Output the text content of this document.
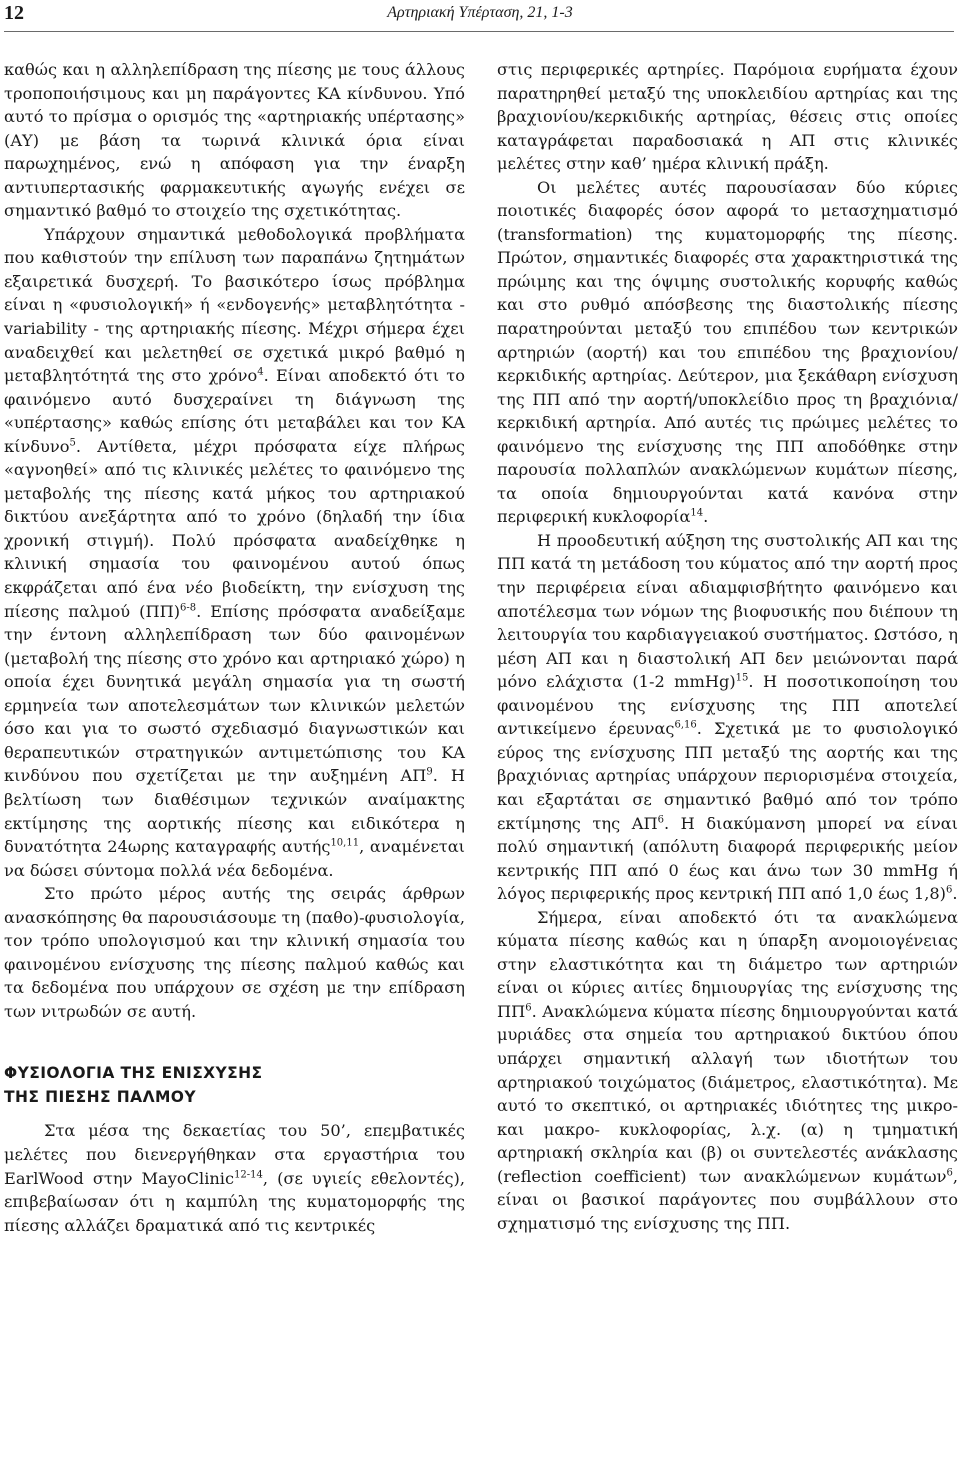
12	Αρτηριακή Υπέρταση, 21, 1-3

καθώς και η αλληλεπίδραση της πίεσης με τους άλλους τροποποιήσιμους και μη παράγοντες ΚΑ κίνδυνου. Υπό αυτό το πρίσμα ο ορισμός της «αρτηριακής υπέρτασης» (ΑΥ) με βάση τα τωρινά κλινικά όρια είναι παρωχημένος, ενώ η απόφαση για την έναρξη αντιυπερτασικής φαρμακευτικής αγωγής ενέχει σε σημαντικό βαθμό το στοιχείο της σχετικότητας.

Υπάρχουν σημαντικά μεθοδολογικά προβλήματα που καθιστούν την επίλυση των παραπάνω ζητημάτων εξαιρετικά δυσχερή. Το βασικότερο ίσως πρόβλημα είναι η «φυσιολογική» ή «ενδογενής» μεταβλητότητα - variability - της αρτηριακής πίεσης. Μέχρι σήμερα έχει αναδειχθεί και μελετηθεί σε σχετικά μικρό βαθμό η μεταβλητότητά της στο χρόνο$^4$. Είναι αποδεκτό ότι το φαινόμενο αυτό δυσχεραίνει τη διάγνωση της «υπέρτασης» καθώς επίσης ότι μεταβάλει και τον ΚΑ κίνδυνο$^5$. Αντίθετα, μέχρι πρόσφατα είχε πλήρως «αγνοηθεί» από τις κλινικές μελέτες το φαινόμενο της μεταβολής της πίεσης κατά μήκος του αρτηριακού δικτύου ανεξάρτητα από το χρόνο (δηλαδή την ίδια χρονική στιγμή). Πολύ πρόσφατα αναδείχθηκε η κλινική σημασία του φαινομένου αυτού όπως εκφράζεται από ένα νέο βιοδείκτη, την ενίσχυση της πίεσης παλμού $(\Pi\Pi)^{6-8}$. Επίσης πρόσφατα αναδείξαμε την έντονη αλληλεπίδραση των δύο φαινομένων (μεταβολή της πίεσης στο χρόνο και αρτηριακό χώρο) η οποία έχει δυνητικά μεγάλη σημασία για τη σωστή ερμηνεία των αποτελεσμάτων των κλινικών μελετών όσο και για το σωστό σχεδιασμό διαγνωστικών και θεραπευτικών στρατηγικών αντιμετώπισης του ΚΑ κινδύνου που σχετίζεται με την αυξημένη $A\Pi^9$. Η βελτίωση των διαθέσιμων τεχνικών αναίμακτης εκτίμησης της αορτικής πίεσης και ειδικότερα η δυνατότητα 24ωρης καταγραφής αυτής$^{10,11}$, αναμένεται να δώσει σύντομα πολλά νέα δεδομένα.

Στο πρώτο μέρος αυτής της σειράς άρθρων ανασκόπησης θα παρουσιάσουμε τη (παθο)-φυσιολογία, τον τρόπο υπολογισμού και την κλινική σημασία του φαινομένου ενίσχυσης της πίεσης παλμού καθώς και τα δεδομένα που υπάρχουν σε σχέση με την επίδραση των νιτρωδών σε αυτή.

ΦΥΣΙΟΛΟΓΙΑ ΤΗΣ ΕΝΙΣΧΥΣΗΣ
ΤΗΣ ΠΙΕΣΗΣ ΠΑΛΜΟΥ

Στα μέσα της δεκαετίας του 50’, επεμβατικές μελέτες που διενεργήθηκαν στα εργαστήρια του EarlWood στην MayoClinic$^{12-14}$, (σε υγιείς εθελοντές), επιβεβαίωσαν ότι η καμπύλη της κυματομορφής της πίεσης αλλάζει δραματικά από τις κεντρικές

στις περιφερικές αρτηρίες. Παρόμοια ευρήματα έχουν παρατηρηθεί μεταξύ της υποκλειδίου αρτηρίας και της βραχιονίου/κερκιδικής αρτηρίας, θέσεις στις οποίες καταγράφεται παραδοσιακά η ΑΠ στις κλινικές μελέτες στην καθ’ ημέρα κλινική πράξη.

Οι μελέτες αυτές παρουσίασαν δύο κύριες ποιοτικές διαφορές όσον αφορά το μετασχηματισμό (transformation) της κυματομορφής της πίεσης. Πρώτον, σημαντικές διαφορές στα χαρακτηριστικά της πρώιμης και της όψιμης συστολικής κορυφής καθώς και στο ρυθμό απόσβεσης της διαστολικής πίεσης παρατηρούνται μεταξύ του επιπέδου των κεντρικών αρτηριών (αορτή) και του επιπέδου της βραχιονίου/κερκιδικής αρτηρίας. Δεύτερον, μια ξεκάθαρη ενίσχυση της ΠΠ από την αορτή/υποκλείδιο προς τη βραχιόνια/κερκιδική αρτηρία. Από αυτές τις πρώιμες μελέτες το φαινόμενο της ενίσχυσης της ΠΠ αποδόθηκε στην παρουσία πολλαπλών ανακλώμενων κυμάτων πίεσης, τα οποία δημιουργούνται κατά κανόνα στην περιφερική κυκλοφορία$^{14}$.

Η προοδευτική αύξηση της συστολικής ΑΠ και της ΠΠ κατά τη μετάδοση του κύματος από την αορτή προς την περιφέρεια είναι αδιαμφισβήτητο φαινόμενο και αποτέλεσμα των νόμων της βιοφυσικής που διέπουν τη λειτουργία του καρδιαγγειακού συστήματος. Ωστόσο, η μέση ΑΠ και η διαστολική ΑΠ δεν μειώνονται παρά μόνο ελάχιστα (1-2 mmHg)$^{15}$. Η ποσοτικοποίηση του φαινομένου της ενίσχυσης της ΠΠ αποτελεί αντικείμενο έρευνας$^{6,16}$. Σχετικά με το φυσιολογικό εύρος της ενίσχυσης ΠΠ μεταξύ της αορτής και της βραχιόνιας αρτηρίας υπάρχουν περιορισμένα στοιχεία, και εξαρτάται σε σημαντικό βαθμό από τον τρόπο εκτίμησης της $A\Pi^6$. Η διακύμανση μπορεί να είναι πολύ σημαντική (απόλυτη διαφορά περιφερικής μείον κεντρικής ΠΠ από 0 έως και άνω των 30 mmHg ή λόγος περιφερικής προς κεντρική ΠΠ από 1,0 έως 1,8)$^6$.

Σήμερα, είναι αποδεκτό ότι τα ανακλώμενα κύματα πίεσης καθώς και η ύπαρξη ανομοιογένειας στην ελαστικότητα και τη διάμετρο των αρτηριών είναι οι κύριες αιτίες δημιουργίας της ενίσχυσης της $\Pi\Pi^6$. Ανακλώμενα κύματα πίεσης δημιουργούνται κατά μυριάδες στα σημεία του αρτηριακού δικτύου όπου υπάρχει σημαντική αλλαγή των ιδιοτήτων του αρτηριακού τοιχώματος (διάμετρος, ελαστικότητα). Με αυτό το σκεπτικό, οι αρτηριακές ιδιότητες της μικρο- και μακρο- κυκλοφορίας, λ.χ. (α) η τμηματική αρτηριακή σκληρία και (β) οι συντελεστές ανάκλασης (reflection coefficient) των ανακλώμενων κυμάτων$^6$, είναι οι βασικοί παράγοντες που συμβάλλουν στο σχηματισμό της ενίσχυσης της ΠΠ.
